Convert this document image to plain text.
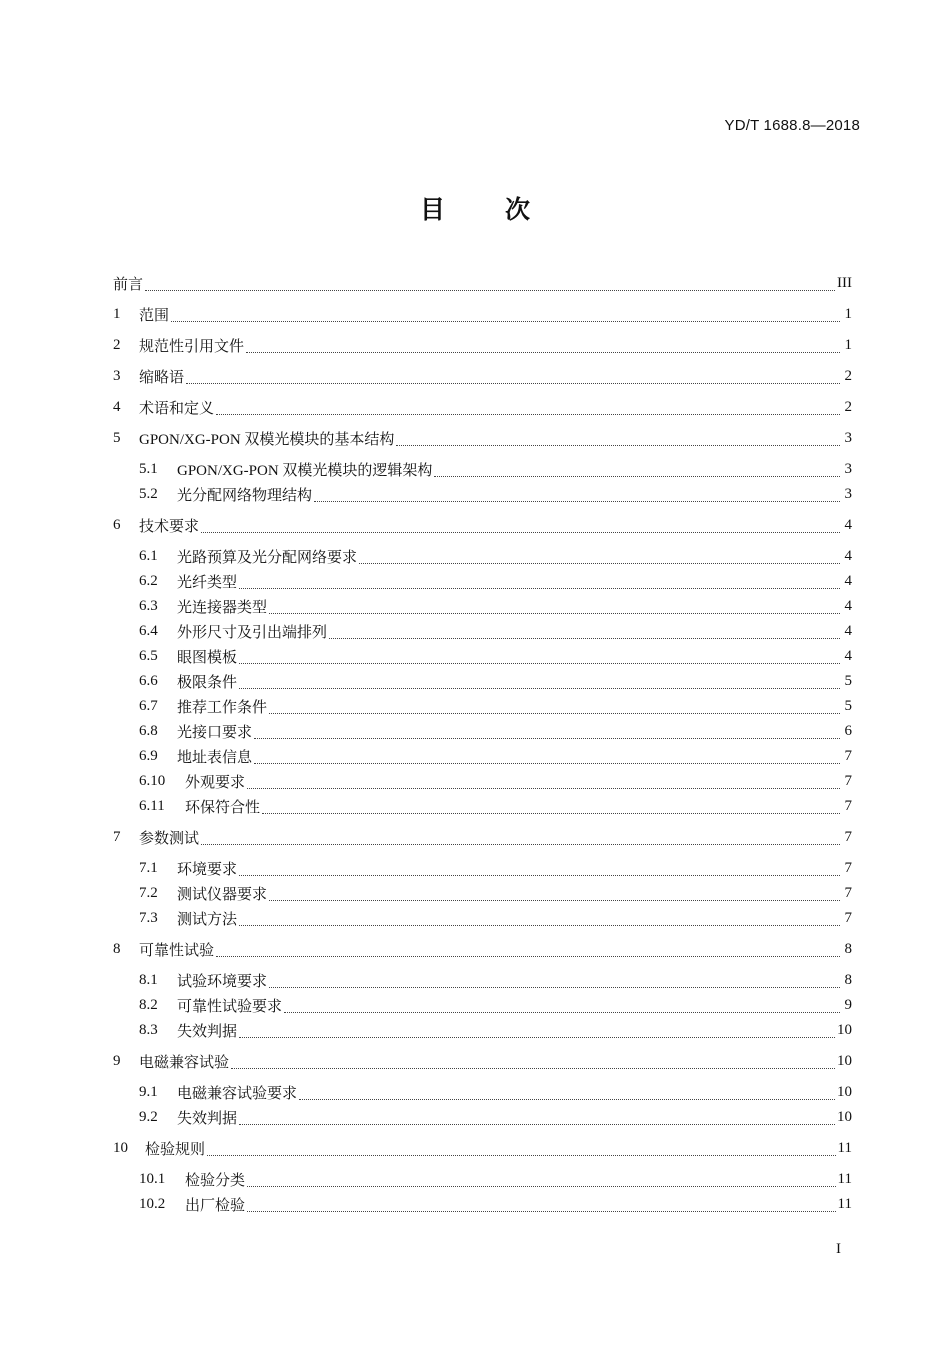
YD/T 1688.8—2018
目 次
前言	III
1	范围	1
2	规范性引用文件	1
3	缩略语	2
4	术语和定义	2
5	GPON/XG-PON 双模光模块的基本结构	3
5.1	GPON/XG-PON 双模光模块的逻辑架构	3
5.2	光分配网络物理结构	3
6	技术要求	4
6.1	光路预算及光分配网络要求	4
6.2	光纤类型	4
6.3	光连接器类型	4
6.4	外形尺寸及引出端排列	4
6.5	眼图模板	4
6.6	极限条件	5
6.7	推荐工作条件	5
6.8	光接口要求	6
6.9	地址表信息	7
6.10	外观要求	7
6.11	环保符合性	7
7	参数测试	7
7.1	环境要求	7
7.2	测试仪器要求	7
7.3	测试方法	7
8	可靠性试验	8
8.1	试验环境要求	8
8.2	可靠性试验要求	9
8.3	失效判据	10
9	电磁兼容试验	10
9.1	电磁兼容试验要求	10
9.2	失效判据	10
10	检验规则	11
10.1	检验分类	11
10.2	出厂检验	11
I
